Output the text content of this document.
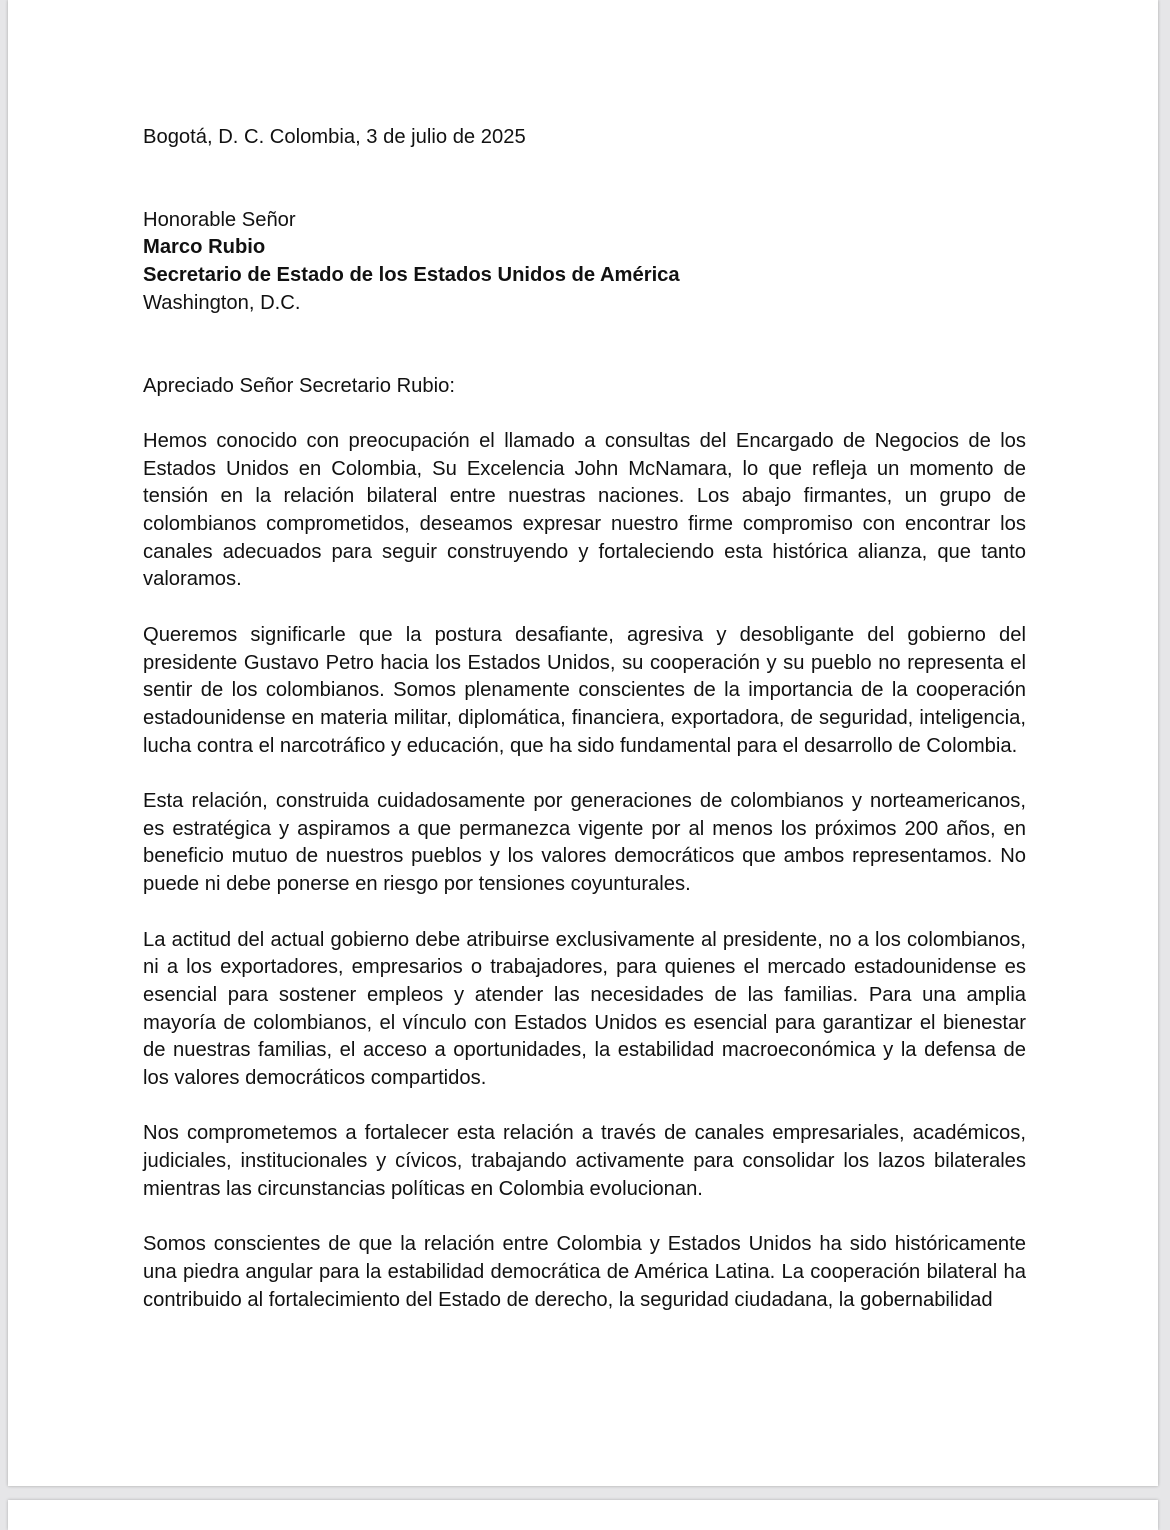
Bogotá, D. C. Colombia, 3 de julio de 2025
Honorable Señor
Marco Rubio
Secretario de Estado de los Estados Unidos de América
Washington, D.C.
Apreciado Señor Secretario Rubio:

Hemos conocido con preocupación el llamado a consultas del Encargado de Negocios de los Estados Unidos en Colombia, Su Excelencia John McNamara, lo que refleja un momento de tensión en la relación bilateral entre nuestras naciones. Los abajo firmantes, un grupo de colombianos comprometidos, deseamos expresar nuestro firme compromiso con encontrar los canales adecuados para seguir construyendo y fortaleciendo esta histórica alianza, que tanto valoramos.

Queremos significarle que la postura desafiante, agresiva y desobligante del gobierno del presidente Gustavo Petro hacia los Estados Unidos, su cooperación y su pueblo no representa el sentir de los colombianos. Somos plenamente conscientes de la importancia de la cooperación estadounidense en materia militar, diplomática, financiera, exportadora, de seguridad, inteligencia, lucha contra el narcotráfico y educación, que ha sido fundamental para el desarrollo de Colombia.

Esta relación, construida cuidadosamente por generaciones de colombianos y norteamericanos, es estratégica y aspiramos a que permanezca vigente por al menos los próximos 200 años, en beneficio mutuo de nuestros pueblos y los valores democráticos que ambos representamos. No puede ni debe ponerse en riesgo por tensiones coyunturales.

La actitud del actual gobierno debe atribuirse exclusivamente al presidente, no a los colombianos, ni a los exportadores, empresarios o trabajadores, para quienes el mercado estadounidense es esencial para sostener empleos y atender las necesidades de las familias. Para una amplia mayoría de colombianos, el vínculo con Estados Unidos es esencial para garantizar el bienestar de nuestras familias, el acceso a oportunidades, la estabilidad macroeconómica y la defensa de los valores democráticos compartidos.

Nos comprometemos a fortalecer esta relación a través de canales empresariales, académicos, judiciales, institucionales y cívicos, trabajando activamente para consolidar los lazos bilaterales mientras las circunstancias políticas en Colombia evolucionan.

Somos conscientes de que la relación entre Colombia y Estados Unidos ha sido históricamente una piedra angular para la estabilidad democrática de América Latina. La cooperación bilateral ha contribuido al fortalecimiento del Estado de derecho, la seguridad ciudadana, la gobernabilidad
